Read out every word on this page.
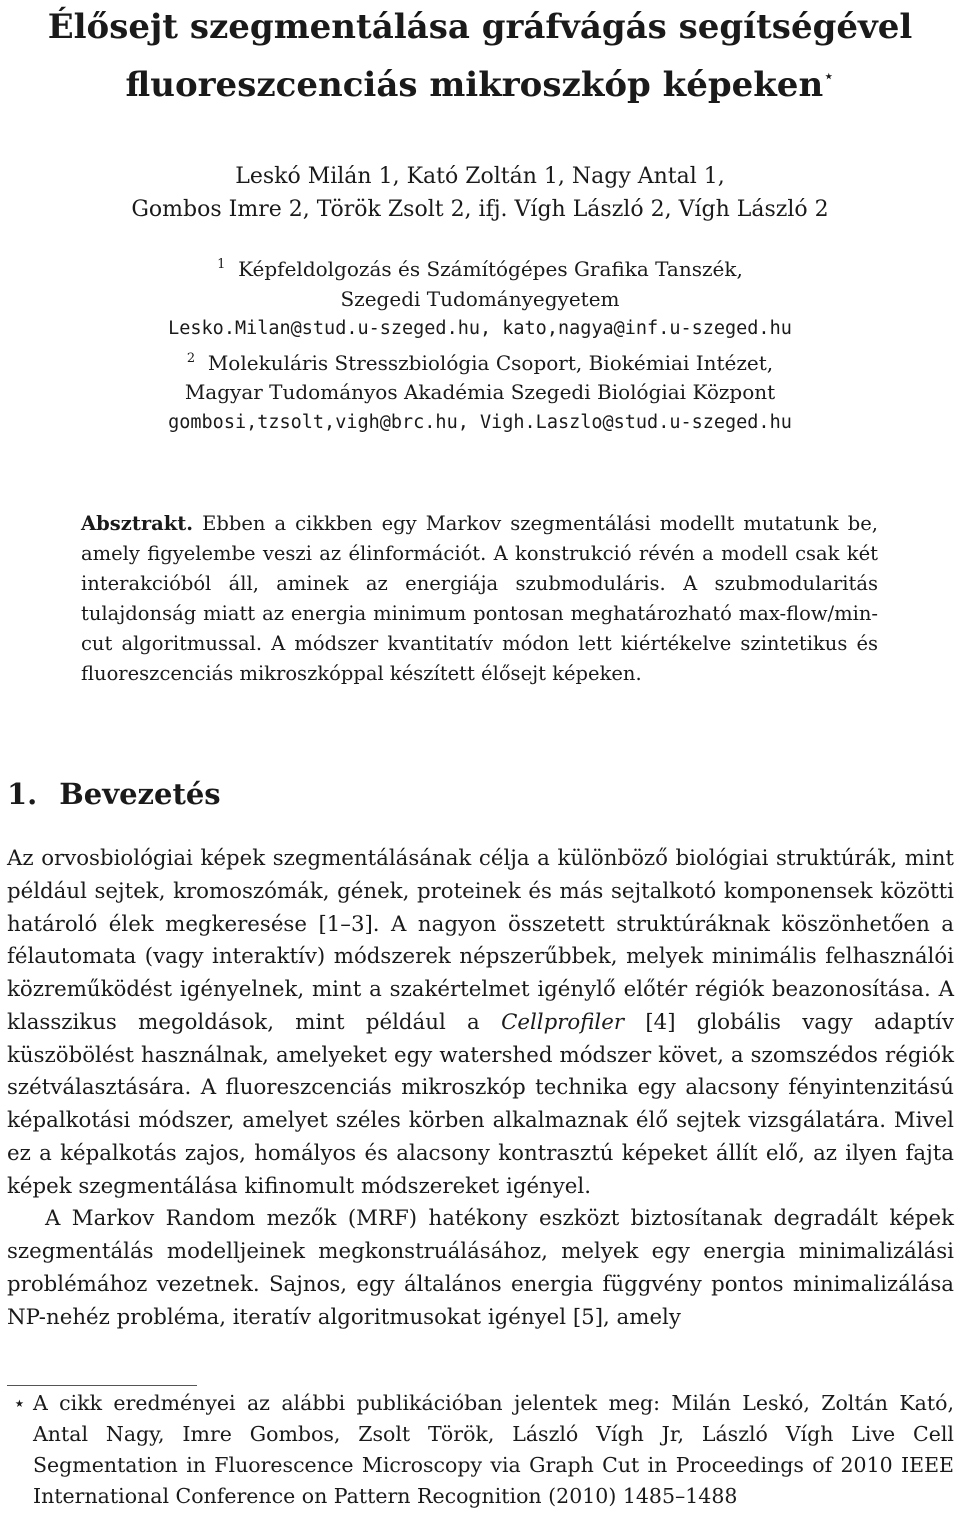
Élősejt szegmentálása gráfvágás segítségével
fluoreszcenciás mikroszkóp képeken⋆
Leskó Milán 1, Kató Zoltán 1, Nagy Antal 1,
Gombos Imre 2, Török Zsolt 2, ifj. Vígh László 2, Vígh László 2
$^1$ Képfeldolgozás és Számítógépes Grafika Tanszék,
Szegedi Tudományegyetem
Lesko.Milan@stud.u-szeged.hu, kato,nagya@inf.u-szeged.hu
$^2$ Molekuláris Stresszbiológia Csoport, Biokémiai Intézet,
Magyar Tudományos Akadémia Szegedi Biológiai Központ
gombosi,tzsolt,vigh@brc.hu, Vigh.Laszlo@stud.u-szeged.hu
Absztrakt. Ebben a cikkben egy Markov szegmentálási modellt mutatunk be, amely figyelembe veszi az élinformációt. A konstrukció révén a modell csak két interakcióból áll, aminek az energiája szubmoduláris. A szubmodularitás tulajdonság miatt az energia minimum pontosan meghatározható max-flow/min-cut algoritmussal. A módszer kvantitatív módon lett kiértékelve szintetikus és fluoreszcenciás mikroszkóppal készített élősejt képeken.
1. Bevezetés

Az orvosbiológiai képek szegmentálásának célja a különböző biológiai struktúrák, mint például sejtek, kromoszómák, gének, proteinek és más sejtalkotó komponensek közötti határoló élek megkeresése [1–3]. A nagyon összetett struktúráknak köszönhetően a félautomata (vagy interaktív) módszerek népszerűbbek, melyek minimális felhasználói közreműködést igényelnek, mint a szakértelmet igénylő előtér régiók beazonosítása. A klasszikus megoldások, mint például a Cellprofiler [4] globális vagy adaptív küszöbölést használnak, amelyeket egy watershed módszer követ, a szomszédos régiók szétválasztására. A fluoreszcenciás mikroszkóp technika egy alacsony fényintenzitású képalkotási módszer, amelyet széles körben alkalmaznak élő sejtek vizsgálatára. Mivel ez a képalkotás zajos, homályos és alacsony kontrasztú képeket állít elő, az ilyen fajta képek szegmentálása kifinomult módszereket igényel.

A Markov Random mezők (MRF) hatékony eszközt biztosítanak degradált képek szegmentálás modelljeinek megkonstruálásához, melyek egy energia minimalizálási problémához vezetnek. Sajnos, egy általános energia függvény pontos minimalizálása NP-nehéz probléma, iteratív algoritmusokat igényel [5], amely

⋆ A cikk eredményei az alábbi publikációban jelentek meg: Milán Leskó, Zoltán Kató, Antal Nagy, Imre Gombos, Zsolt Török, László Vígh Jr, László Vígh Live Cell Segmentation in Fluorescence Microscopy via Graph Cut in Proceedings of 2010 IEEE International Conference on Pattern Recognition (2010) 1485–1488
